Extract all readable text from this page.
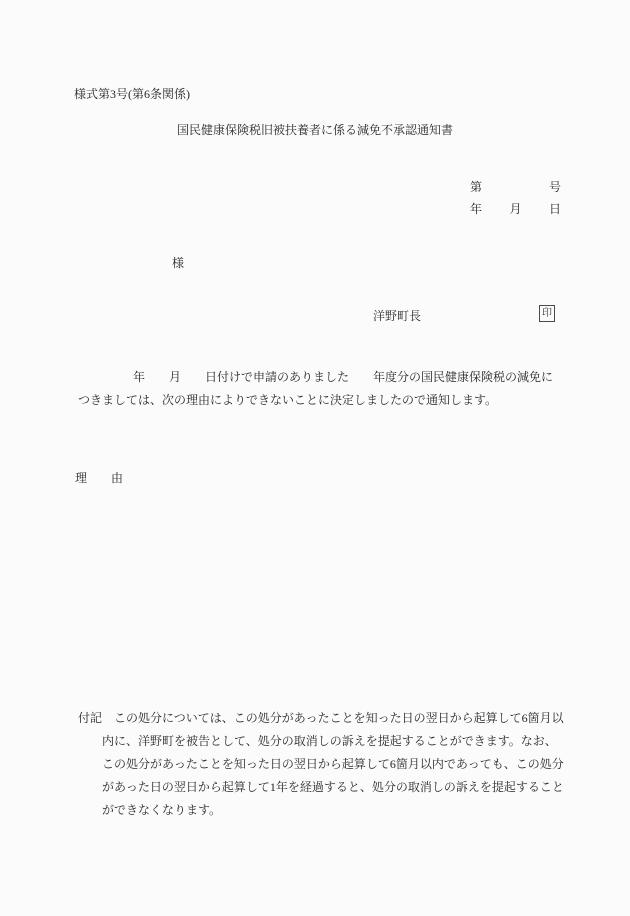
様式第3号(第6条関係)
国民健康保険税旧被扶養者に係る減免不承認通知書
第	号
年 月 日
様
洋野町長	印
年　　月　　日付けで申請のありました　　年度分の国民健康保険税の減免に
つきましては、次の理由によりできないことに決定しましたので通知します。
理　　由
付記　この処分については、この処分があったことを知った日の翌日から起算して6箇月以
内に、洋野町を被告として、処分の取消しの訴えを提起することができます。なお、
この処分があったことを知った日の翌日から起算して6箇月以内であっても、この処分
があった日の翌日から起算して1年を経過すると、処分の取消しの訴えを提起すること
ができなくなります。
